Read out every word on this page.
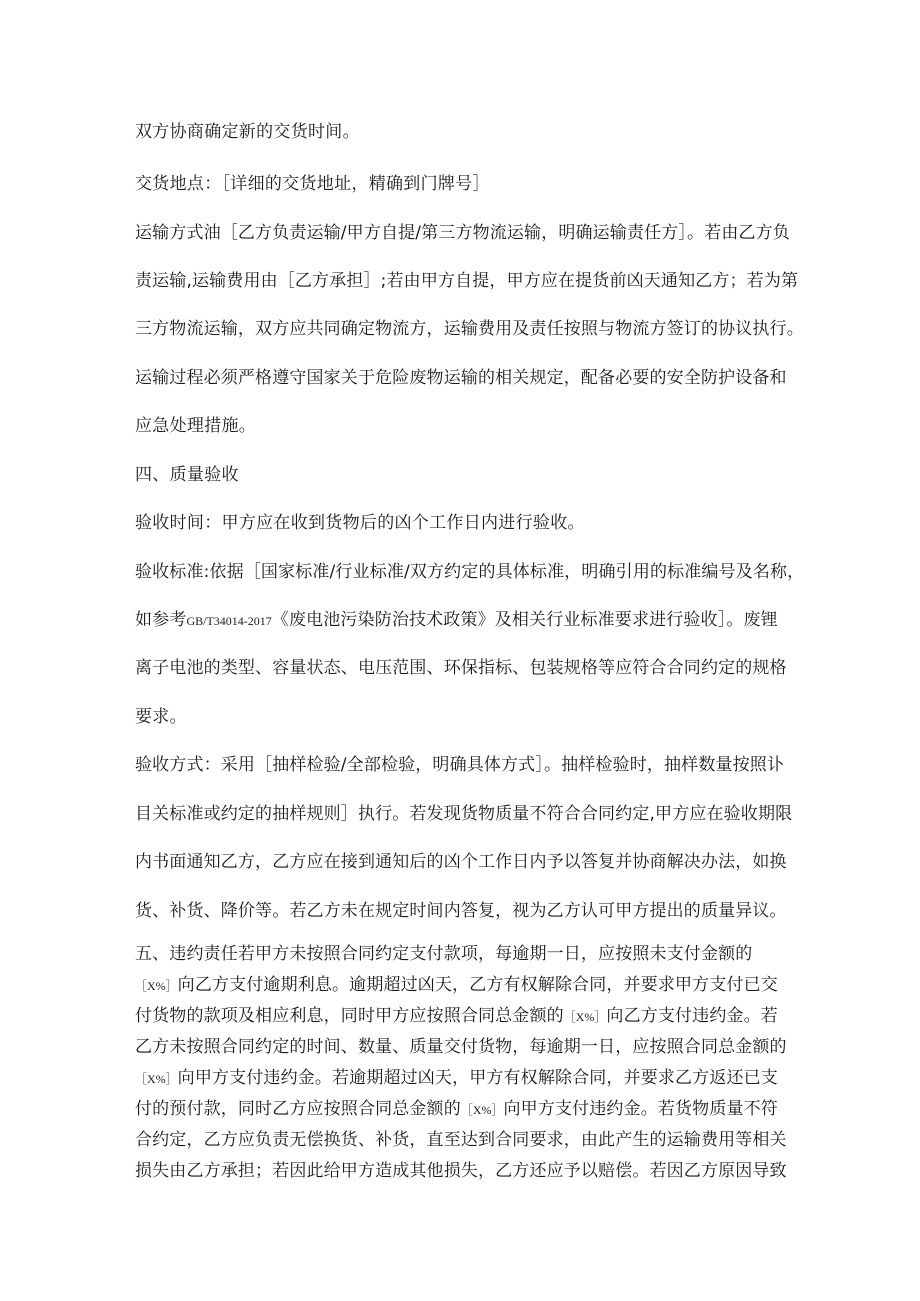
双方协商确定新的交货时间。
交货地点：［详细的交货地址，精确到门牌号］
运输方式油［乙方负责运输/甲方自提/第三方物流运输，明确运输责任方］。若由乙方负
责运输,运输费用由［乙方承担］;若由甲方自提，甲方应在提货前凶天通知乙方；若为第
三方物流运输，双方应共同确定物流方，运输费用及责任按照与物流方签订的协议执行。
运输过程必须严格遵守国家关于危险废物运输的相关规定，配备必要的安全防护设备和
应急处理措施。
四、质量验收
验收时间：甲方应在收到货物后的凶个工作日内进行验收。
验收标准:依据［国家标准/行业标准/双方约定的具体标准，明确引用的标准编号及名称，
如参考GB/T34014-2017《废电池污染防治技术政策》及相关行业标准要求进行验收］。废锂
离子电池的类型、容量状态、电压范围、环保指标、包装规格等应符合合同约定的规格
要求。
验收方式：采用［抽样检验/全部检验，明确具体方式］。抽样检验时，抽样数量按照讣
目关标准或约定的抽样规则］执行。若发现货物质量不符合合同约定,甲方应在验收期限
内书面通知乙方，乙方应在接到通知后的凶个工作日内予以答复并协商解决办法，如换
货、补货、降价等。若乙方未在规定时间内答复，视为乙方认可甲方提出的质量异议。
五、违约责任若甲方未按照合同约定支付款项，每逾期一日，应按照未支付金额的
［X%］向乙方支付逾期利息。逾期超过凶天，乙方有权解除合同，并要求甲方支付已交
付货物的款项及相应利息，同时甲方应按照合同总金额的［X%］向乙方支付违约金。若
乙方未按照合同约定的时间、数量、质量交付货物，每逾期一日，应按照合同总金额的
［X%］向甲方支付违约金。若逾期超过凶天，甲方有权解除合同，并要求乙方返还已支
付的预付款，同时乙方应按照合同总金额的［X%］向甲方支付违约金。若货物质量不符
合约定，乙方应负责无偿换货、补货，直至达到合同要求，由此产生的运输费用等相关
损失由乙方承担；若因此给甲方造成其他损失，乙方还应予以赔偿。若因乙方原因导致
